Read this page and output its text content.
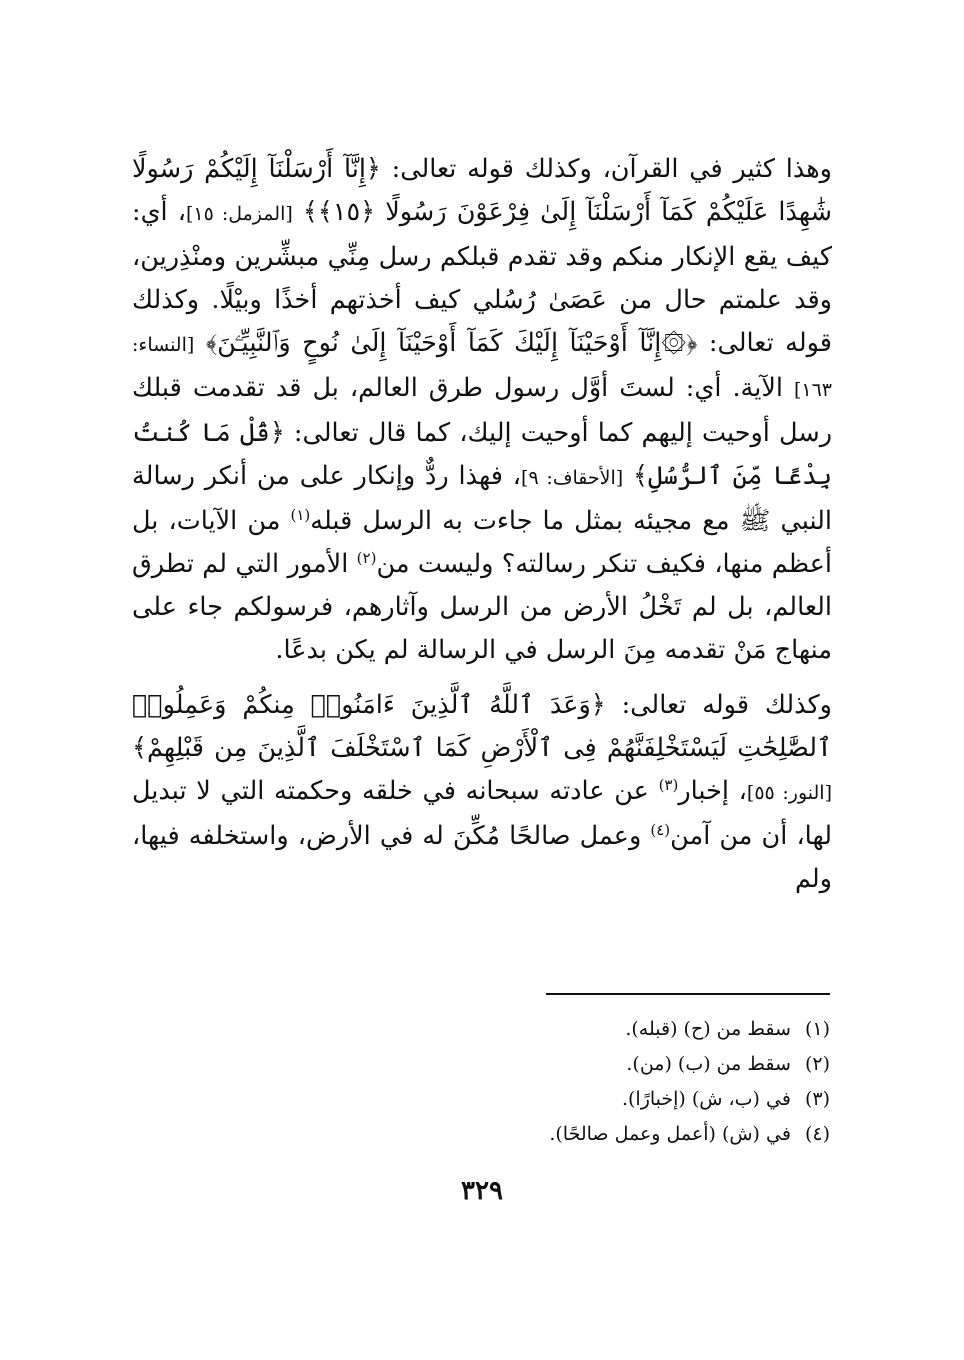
وهذا كثير في القرآن، وكذلك قوله تعالى: ﴿إِنَّآ أَرْسَلْنَآ إِلَيْكُمْ رَسُولًا شَٰهِدًا عَلَيْكُمْ كَمَآ أَرْسَلْنَآ إِلَىٰ فِرْعَوْنَ رَسُولًا ﴿١٥﴾﴾ [المزمل: ١٥]، أي: كيف يقع الإنكار منكم وقد تقدم قبلكم رسل مِنِّي مبشِّرين ومنْذِرين، وقد علمتم حال من عَصَىٰ رُسُلي كيف أخذتهم أخذًا وبيْلًا. وكذلك قوله تعالى: ﴿۞إِنَّآ أَوْحَيْنَآ إِلَيْكَ كَمَآ أَوْحَيْنَآ إِلَىٰ نُوحٍ وَٱلنَّبِيِّـۧنَ﴾ [النساء: ١٦٣] الآية. أي: لستَ أوَّل رسول طرق العالم، بل قد تقدمت قبلك رسل أوحيت إليهم كما أوحيت إليك، كما قال تعالى: ﴿قُلْ مَا كُنتُ بِدْعًا مِّنَ ٱلرُّسُلِ﴾ [الأحقاف: ٩]، فهذا ردٌّ وإنكار على من أنكر رسالة النبي ﷺ مع مجيئه بمثل ما جاءت به الرسل قبله$^{(١)}$ من الآيات، بل أعظم منها، فكيف تنكر رسالته؟ وليست من$^{(٢)}$ الأمور التي لم تطرق العالم، بل لم تَخْلُ الأرض من الرسل وآثارهم، فرسولكم جاء على منهاج مَنْ تقدمه مِنَ الرسل في الرسالة لم يكن بدعًا.

وكذلك قوله تعالى: ﴿وَعَدَ ٱللَّهُ ٱلَّذِينَ ءَامَنُوا۟ مِنكُمْ وَعَمِلُوا۟ ٱلصَّٰلِحَٰتِ لَيَسْتَخْلِفَنَّهُمْ فِى ٱلْأَرْضِ كَمَا ٱسْتَخْلَفَ ٱلَّذِينَ مِن قَبْلِهِمْ﴾ [النور: ٥٥]، إخبار$^{(٣)}$ عن عادته سبحانه في خلقه وحكمته التي لا تبديل لها، أن من آمن$^{(٤)}$ وعمل صالحًا مُكِّنَ له في الأرض، واستخلفه فيها، ولم

(١)
سقط من (ح) (قبله).
(٢)
سقط من (ب) (من).
(٣)
في (ب، ش) (إخبارًا).
(٤)
في (ش) (أعمل وعمل صالحًا).
٣٢٩
